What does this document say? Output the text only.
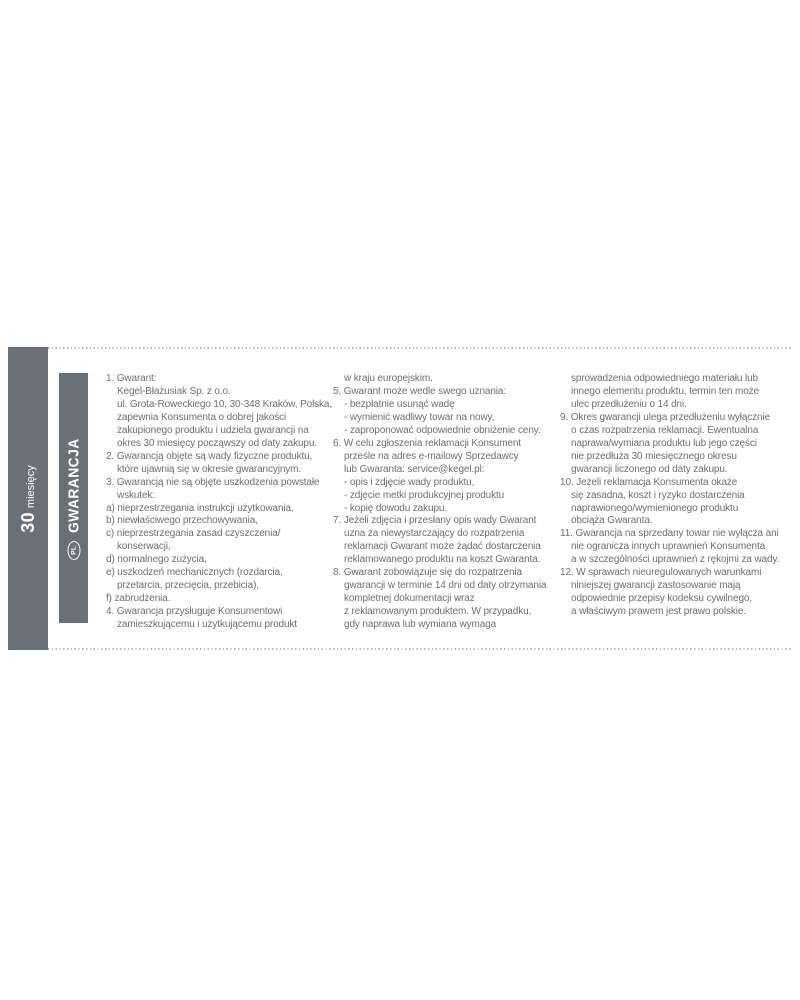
30
miesięcy
PL
GWARANCJA
1. Gwarant:
Kegel-Błażusiak Sp. z o.o.
ul. Grota-Roweckiego 10, 30-348 Kraków, Polska,
zapewnia Konsumenta o dobrej jakości
zakupionego produktu i udziela gwarancji na
okres 30 miesięcy począwszy od daty zakupu.
2. Gwarancją objęte są wady fizyczne produktu,
które ujawnią się w okresie gwarancyjnym.
3. Gwarancją nie są objęte uszkodzenia powstałe
wskutek:
a) nieprzestrzegania instrukcji użytkowania,
b) niewłaściwego przechowywania,
c) nieprzestrzegania zasad czyszczenia/
konserwacji,
d) normalnego zużycia,
e) uszkodzeń mechanicznych (rozdarcia,
przetarcia, przecięcia, przebicia),
f) zabrudzenia.
4. Gwarancja przysługuje Konsumentowi
zamieszkującemu i użytkującemu produkt
w kraju europejskim.
5. Gwarant może wedle swego uznania:
- bezpłatnie usunąć wadę
- wymienić wadliwy towar na nowy,
- zaproponować odpowiednie obniżenie ceny.
6. W celu zgłoszenia reklamacji Konsument
prześle na adres e-mailowy Sprzedawcy
lub Gwaranta: service@kegel.pl:
- opis i zdjęcie wady produktu,
- zdjęcie metki produkcyjnej produktu
- kopię dowodu zakupu.
7. Jeżeli zdjęcia i przesłany opis wady Gwarant
uzna za niewystarczający do rozpatrzenia
reklamacji Gwarant może żądać dostarczenia
reklamowanego produktu na koszt Gwaranta.
8. Gwarant zobowiązuje się do rozpatrzenia
gwarancji w terminie 14 dni od daty otrzymania
kompletnej dokumentacji wraz
z reklamowanym produktem. W przypadku,
gdy naprawa lub wymiana wymaga
sprowadzenia odpowiedniego materiału lub
innego elementu produktu, termin ten może
ulec przedłużeniu o 14 dni.
9. Okres gwarancji ulega przedłużeniu wyłącznie
o czas rozpatrzenia reklamacji. Ewentualna
naprawa/wymiana produktu lub jego części
nie przedłuża 30 miesięcznego okresu
gwarancji liczonego od daty zakupu.
10. Jeżeli reklamacja Konsumenta okaże
się zasadna, koszt i ryzyko dostarczenia
naprawionego/wymienionego produktu
obciąża Gwaranta.
11. Gwarancja na sprzedany towar nie wyłącza ani
nie ogranicza innych uprawnień Konsumenta
a w szczególności uprawnień z rękojmi za wady.
12. W sprawach nieuregulowanych warunkami
niniejszej gwarancji zastosowanie mają
odpowiednie przepisy kodeksu cywilnego,
a właściwym prawem jest prawo polskie.
